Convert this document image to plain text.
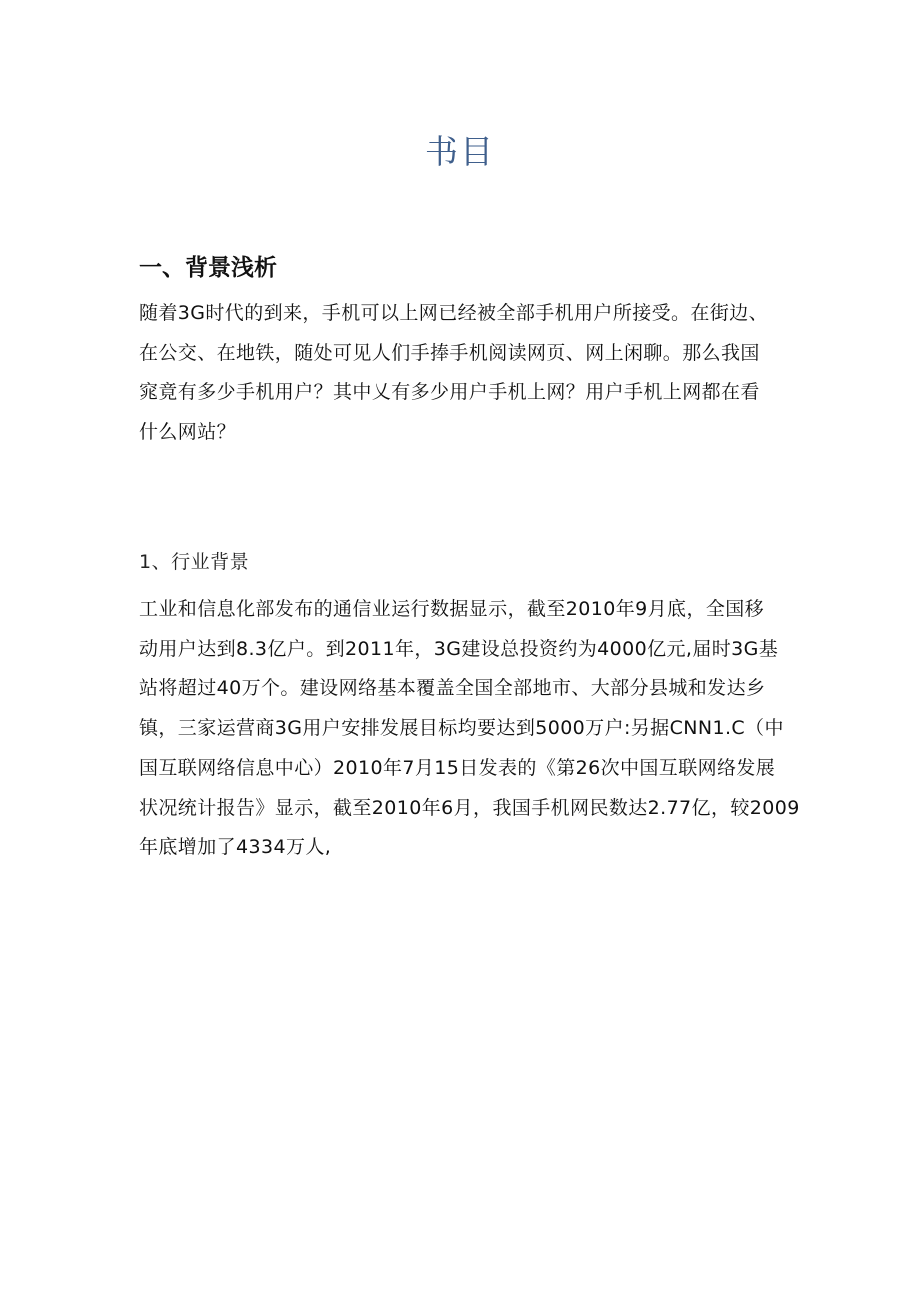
书目
一、背景浅析

随着3G时代的到来，手机可以上网已经被全部手机用户所接受。在街边、
在公交、在地铁，随处可见人们手捧手机阅读网页、网上闲聊。那么我国
窕竟有多少手机用户？其中乂有多少用户手机上网？用户手机上网都在看
什么网站？

1、行业背景

工业和信息化部发布的通信业运行数据显示，截至2010年9月底，全国移
动用户达到8.3亿户。到2011年，3G建设总投资约为4000亿元,届时3G基
站将超过40万个。建设网络基本覆盖全国全部地市、大部分县城和发达乡
镇，三家运营商3G用户安排发展目标均要达到5000万户:另据CNN1.C（中
国互联网络信息中心）2010年7月15日发表的《第26次中国互联网络发展
状况统计报告》显示，截至2010年6月，我国手机网民数达2.77亿，较2009
年底增加了4334万人,
